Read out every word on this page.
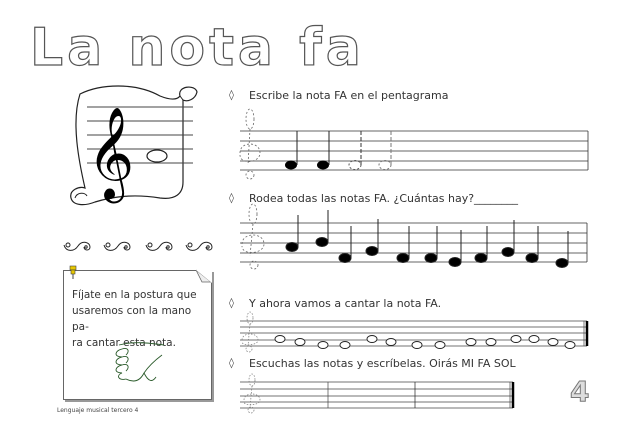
La nota fa
𝄞
Fíjate en la postura que
usaremos con la mano pa-
ra cantar esta nota.
◊ Escribe la nota FA en el pentagrama
◊ Rodea todas las notas FA. ¿Cuántas hay?________
◊ Y ahora vamos a cantar la nota FA.
◊ Escuchas las notas y escríbelas. Oirás MI FA SOL
4
Lenguaje musical tercero 4
